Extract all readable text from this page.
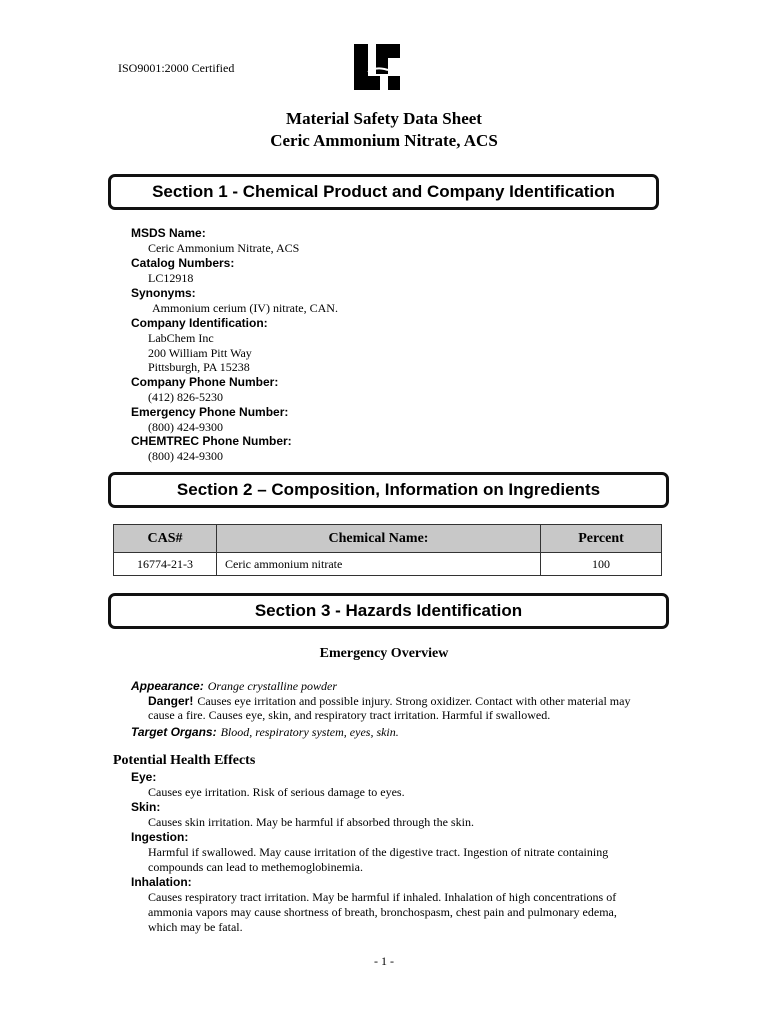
ISO9001:2000 Certified
Material Safety Data Sheet
Ceric Ammonium Nitrate, ACS
Section 1 - Chemical Product and Company Identification
MSDS Name:
Ceric Ammonium Nitrate, ACS
Catalog Numbers:
LC12918
Synonyms:
Ammonium cerium (IV) nitrate, CAN.
Company Identification:
LabChem Inc
200 William Pitt Way
Pittsburgh, PA 15238
Company Phone Number:
(412) 826-5230
Emergency Phone Number:
(800) 424-9300
CHEMTREC Phone Number:
(800) 424-9300
Section 2 – Composition, Information on Ingredients
CAS#	Chemical Name:	Percent
16774-21-3	Ceric ammonium nitrate	100
Section 3 - Hazards Identification
Emergency Overview
Appearance: Orange crystalline powder
Danger! Causes eye irritation and possible injury. Strong oxidizer. Contact with other material may
cause a fire. Causes eye, skin, and respiratory tract irritation. Harmful if swallowed.
Target Organs: Blood, respiratory system, eyes, skin.
Potential Health Effects
Eye:
Causes eye irritation. Risk of serious damage to eyes.
Skin:
Causes skin irritation. May be harmful if absorbed through the skin.
Ingestion:
Harmful if swallowed. May cause irritation of the digestive tract. Ingestion of nitrate containing
compounds can lead to methemoglobinemia.
Inhalation:
Causes respiratory tract irritation. May be harmful if inhaled. Inhalation of high concentrations of
ammonia vapors may cause shortness of breath, bronchospasm, chest pain and pulmonary edema,
which may be fatal.
- 1 -
